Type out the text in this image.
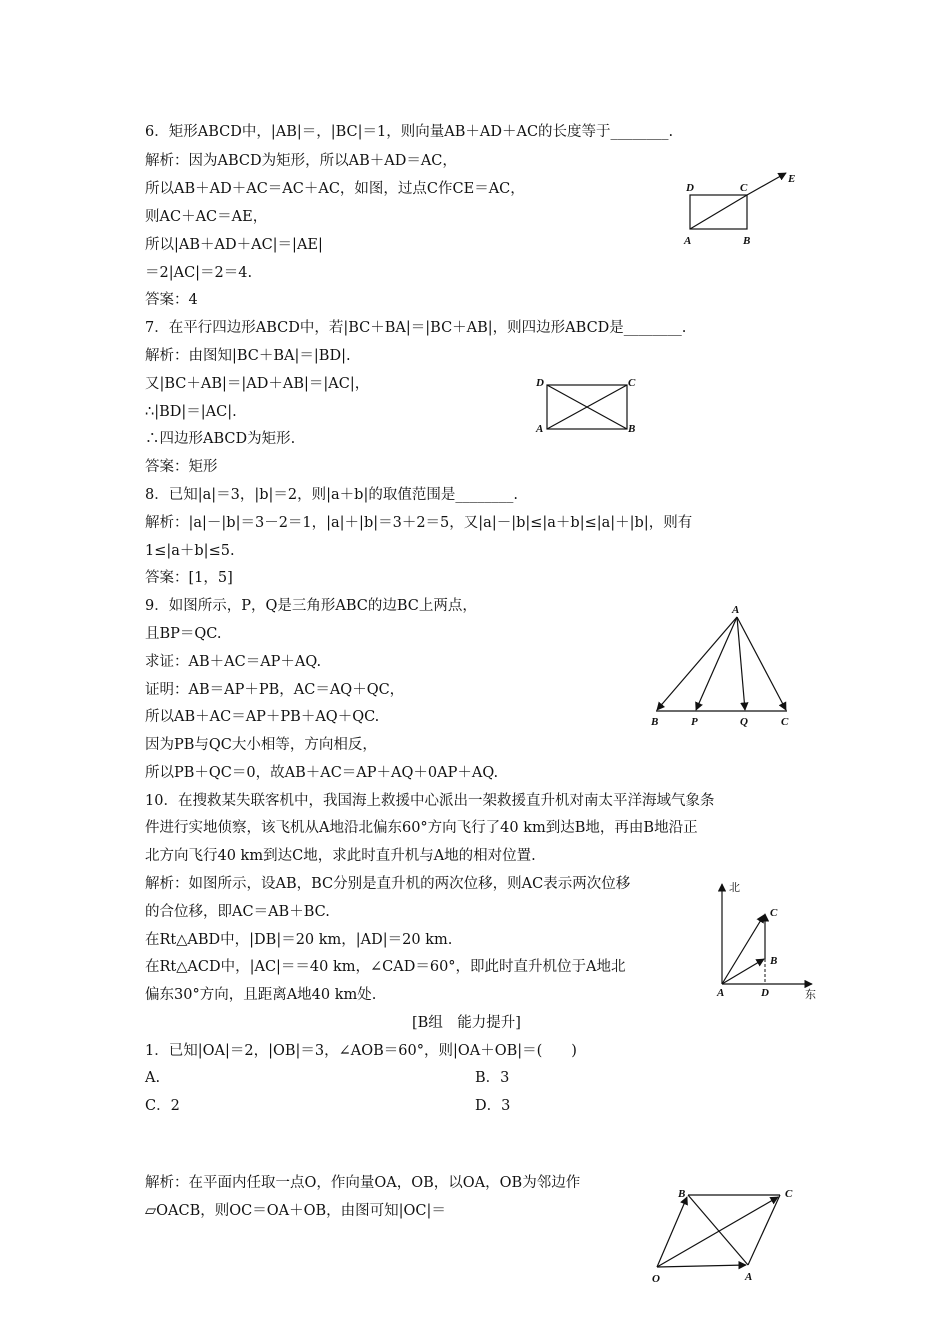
6．矩形ABCD中，|AB|＝，|BC|＝1，则向量AB＋AD＋AC的长度等于________.
解析：因为ABCD为矩形，所以AB＋AD＝AC，
所以AB＋AD＋AC＝AC＋AC，如图，过点C作CE＝AC，
则AC＋AC＝AE，
所以|AB＋AD＋AC|＝|AE|
＝2|AC|＝2＝4.
答案：4
7．在平行四边形ABCD中，若|BC＋BA|＝|BC＋AB|，则四边形ABCD是________.
解析：由图知|BC＋BA|＝|BD|.
又|BC＋AB|＝|AD＋AB|＝|AC|，
∴|BD|＝|AC|.
∴四边形ABCD为矩形.
答案：矩形
8．已知|a|＝3，|b|＝2，则|a＋b|的取值范围是________.
解析：|a|－|b|＝3－2＝1，|a|＋|b|＝3＋2＝5，又|a|－|b|≤|a＋b|≤|a|＋|b|，则有
1≤|a＋b|≤5.
答案：[1，5]
9．如图所示，P，Q是三角形ABC的边BC上两点，
且BP＝QC.
求证：AB＋AC＝AP＋AQ.
证明：AB＝AP＋PB，AC＝AQ＋QC，
所以AB＋AC＝AP＋PB＋AQ＋QC.
因为PB与QC大小相等，方向相反，
所以PB＋QC＝0，故AB＋AC＝AP＋AQ＋0AP＋AQ.
10．在搜救某失联客机中，我国海上救援中心派出一架救援直升机对南太平洋海域气象条
件进行实地侦察，该飞机从A地沿北偏东60°方向飞行了40 km到达B地，再由B地沿正
北方向飞行40 km到达C地，求此时直升机与A地的相对位置.
解析：如图所示，设AB，BC分别是直升机的两次位移，则AC表示两次位移
的合位移，即AC＝AB＋BC.
在Rt△ABD中，|DB|＝20 km，|AD|＝20 km.
在Rt△ACD中，|AC|＝＝40 km，∠CAD＝60°，即此时直升机位于A地北
偏东30°方向，且距离A地40 km处.
[B组　能力提升]
1．已知|OA|＝2，|OB|＝3，∠AOB＝60°，则|OA＋OB|＝(　　)
A.	B．3
C．2	D．3
解析：在平面内任取一点O，作向量OA，OB，以OA，OB为邻边作
▱OACB，则OC＝OA＋OB，由图可知|OC|＝
D	C
E
A	B
D	C
A	B
A
B	P	Q	C
北
东
C
B
A	D
B	C
O	A
